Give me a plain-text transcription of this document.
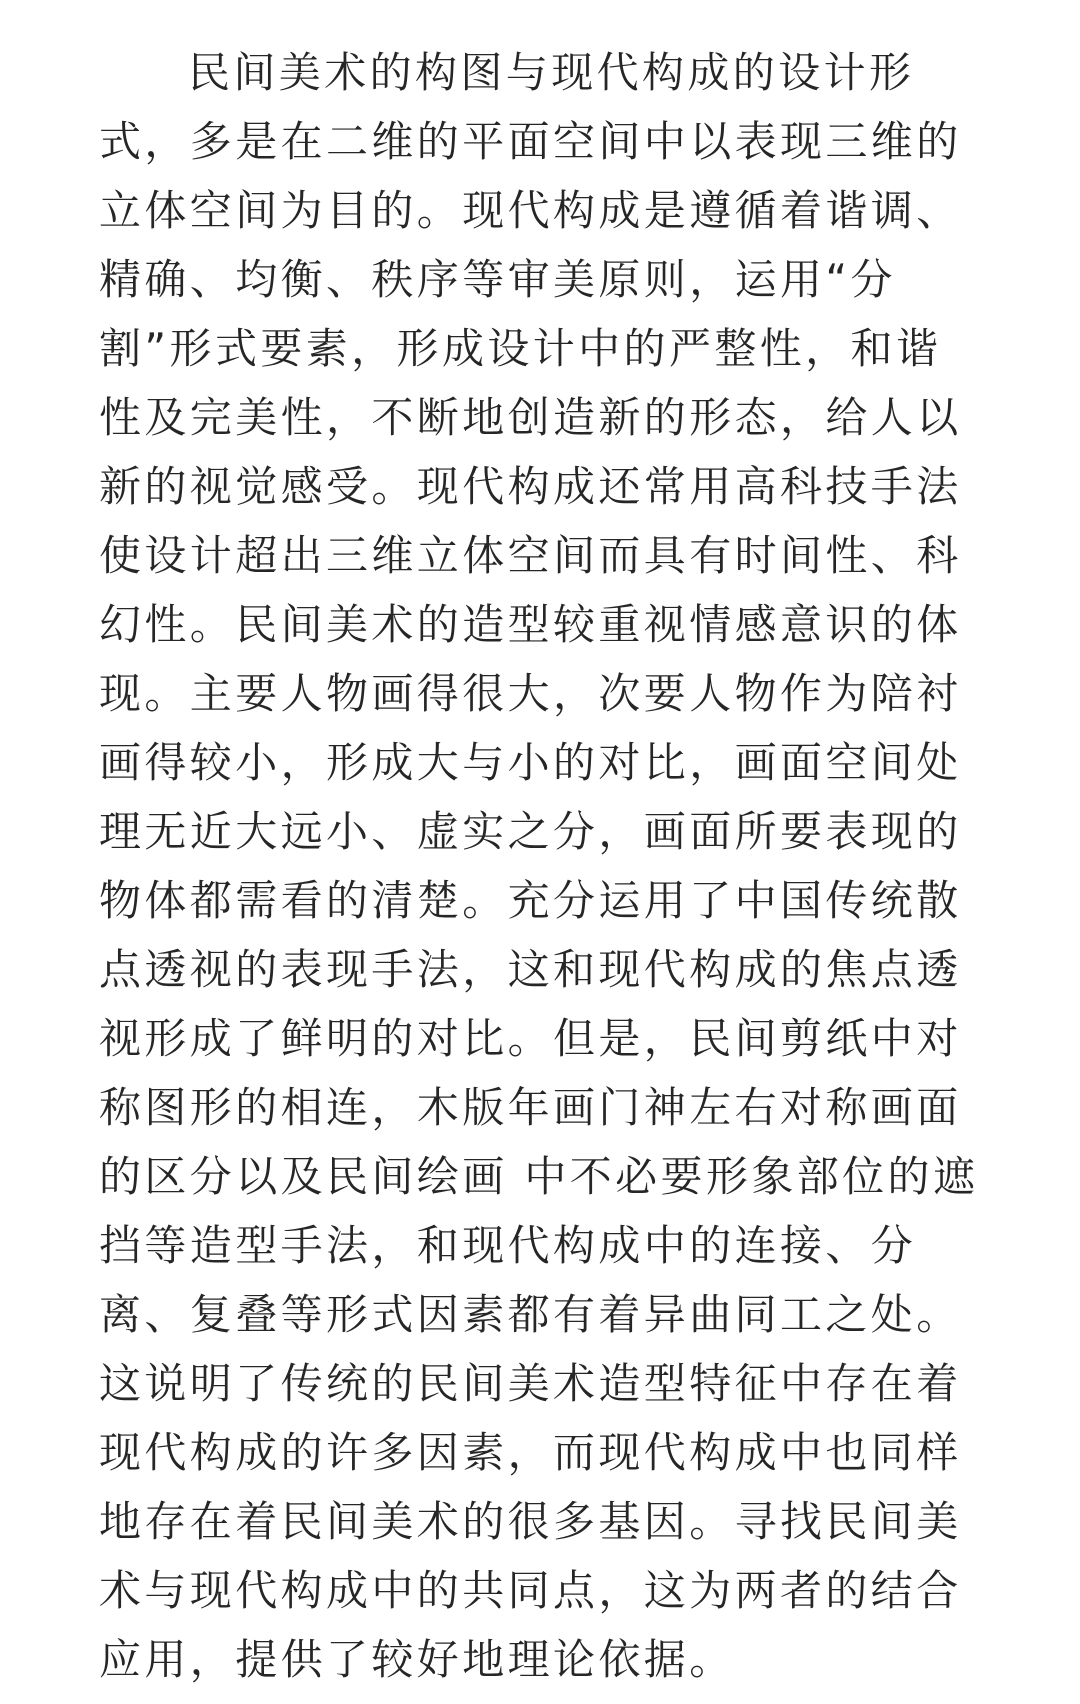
民间美术的构图与现代构成的设计形
式，多是在二维的平面空间中以表现三维的
立体空间为目的。现代构成是遵循着谐调、
精确、均衡、秩序等审美原则，运用“分
割”形式要素，形成设计中的严整性，和谐
性及完美性，不断地创造新的形态，给人以
新的视觉感受。现代构成还常用高科技手法
使设计超出三维立体空间而具有时间性、科
幻性。民间美术的造型较重视情感意识的体
现。主要人物画得很大，次要人物作为陪衬
画得较小，形成大与小的对比，画面空间处
理无近大远小、虚实之分，画面所要表现的
物体都需看的清楚。充分运用了中国传统散
点透视的表现手法，这和现代构成的焦点透
视形成了鲜明的对比。但是，民间剪纸中对
称图形的相连，木版年画门神左右对称画面
的区分以及民间绘画 中不必要形象部位的遮
挡等造型手法，和现代构成中的连接、分
离、复叠等形式因素都有着异曲同工之处。
这说明了传统的民间美术造型特征中存在着
现代构成的许多因素，而现代构成中也同样
地存在着民间美术的很多基因。寻找民间美
术与现代构成中的共同点，这为两者的结合
应用，提供了较好地理论依据。
